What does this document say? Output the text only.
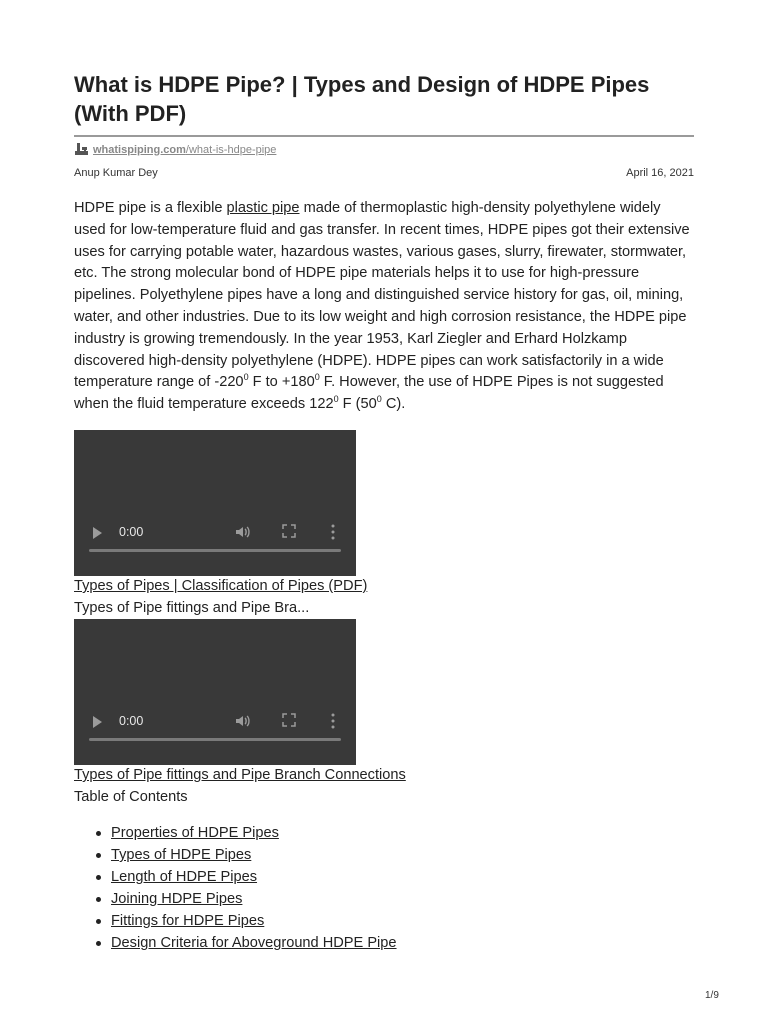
What is HDPE Pipe? | Types and Design of HDPE Pipes (With PDF)
whatispiping.com/what-is-hdpe-pipe
Anup Kumar Dey	April 16, 2021

HDPE pipe is a flexible plastic pipe made of thermoplastic high-density polyethylene widely used for low-temperature fluid and gas transfer. In recent times, HDPE pipes got their extensive uses for carrying potable water, hazardous wastes, various gases, slurry, firewater, stormwater, etc. The strong molecular bond of HDPE pipe materials helps it to use for high-pressure pipelines. Polyethylene pipes have a long and distinguished service history for gas, oil, mining, water, and other industries. Due to its low weight and high corrosion resistance, the HDPE pipe industry is growing tremendously. In the year 1953, Karl Ziegler and Erhard Holzkamp discovered high-density polyethylene (HDPE). HDPE pipes can work satisfactorily in a wide temperature range of $-220^0$ F to $+180^0$ F. However, the use of HDPE Pipes is not suggested when the fluid temperature exceeds $122^0$ F ($50^0$ C).

0:00
Types of Pipes | Classification of Pipes (PDF)
Types of Pipe fittings and Pipe Bra...
0:00
Types of Pipe fittings and Pipe Branch Connections
Table of Contents
Properties of HDPE Pipes
Types of HDPE Pipes
Length of HDPE Pipes
Joining HDPE Pipes
Fittings for HDPE Pipes
Design Criteria for Aboveground HDPE Pipe
1/9
